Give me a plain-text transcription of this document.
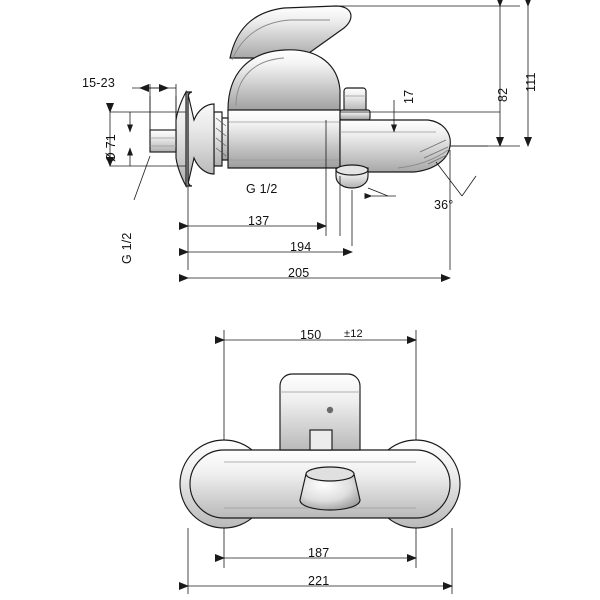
15-23
Ø 71
G 1/2
G 1/2
17
36°
137
194
205
82
111
150 ±12
187
221
